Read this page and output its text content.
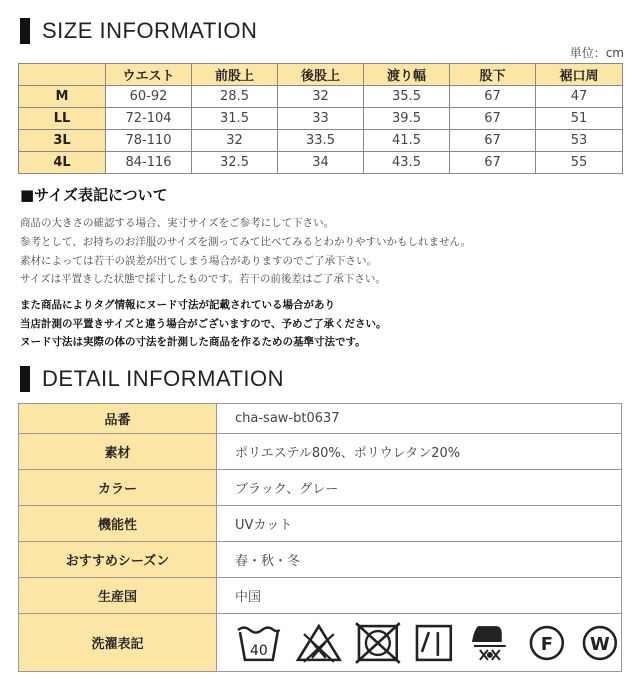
SIZE INFORMATION
単位：cm
	ウエスト	前股上	後股上	渡り幅	股下	裾口周
M	60-92	28.5	32	35.5	67	47
LL	72-104	31.5	33	39.5	67	51
3L	78-110	32	33.5	41.5	67	53
4L	84-116	32.5	34	43.5	67	55
■サイズ表記について
商品の大きさの確認する場合、実寸サイズをご参考にして下さい。
参考として、お持ちのお洋服のサイズを測ってみて比べてみるとわかりやすいかもしれません。
素材によっては若干の誤差が出てしまう場合がありますのでご了承下さい。
サイズは平置きした状態で採寸したものです。若干の前後差はご了承下さい。
また商品によりタグ情報にヌード寸法が記載されている場合があり
当店計測の平置きサイズと違う場合がございますので、予めご了承ください。
ヌード寸法は実際の体の寸法を計測した商品を作るための基準寸法です。
DETAIL INFORMATION
品番	cha-saw-bt0637
素材	ポリエステル80%、ポリウレタン20%
カラー	ブラック、グレー
機能性	UVカット
おすすめシーズン	春・秋・冬
生産国	中国
洗濯表記	40 F W
